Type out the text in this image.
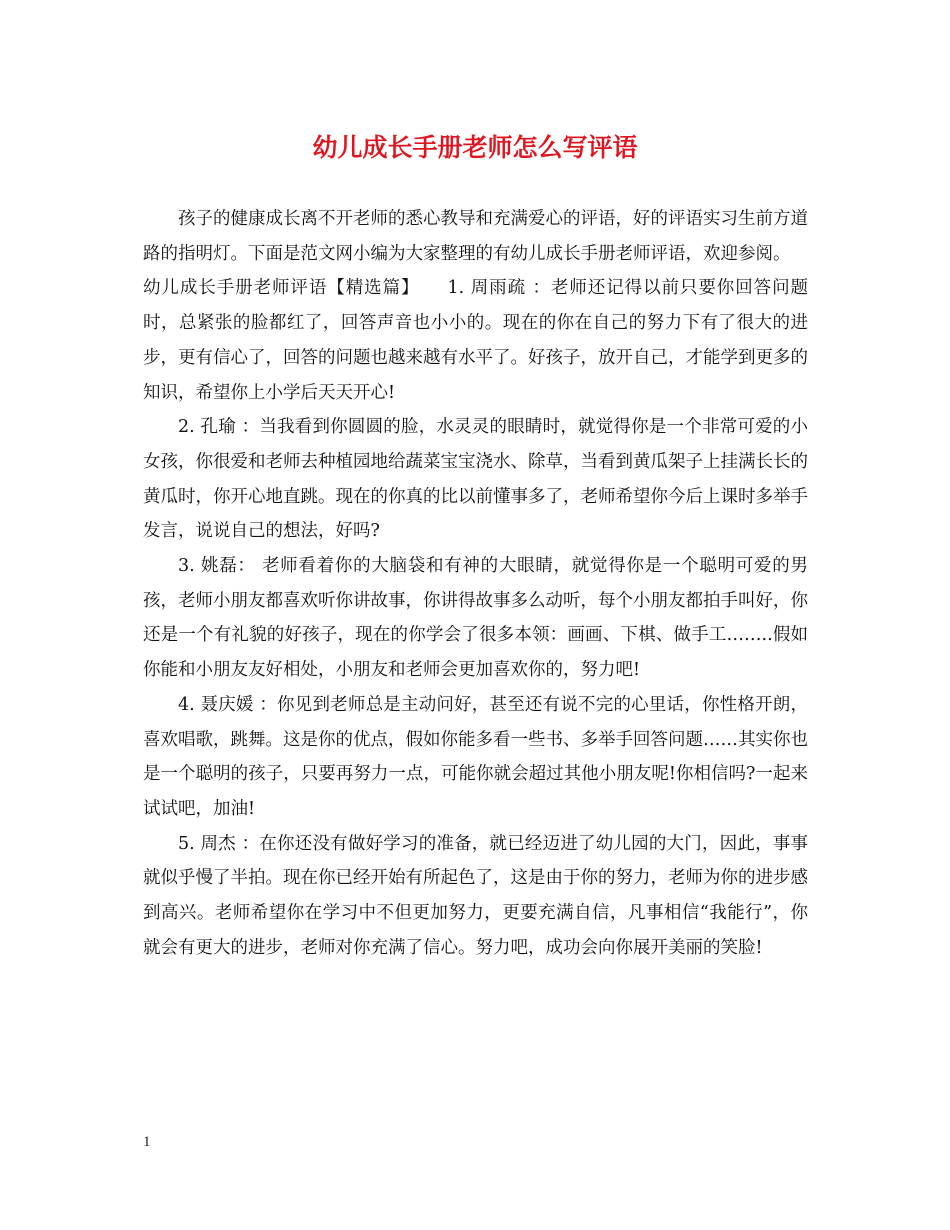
幼儿成长手册老师怎么写评语

孩子的健康成长离不开老师的悉心教导和充满爱心的评语，好的评语实习生前方道路的指明灯。下面是范文网小编为大家整理的有幼儿成长手册老师评语，欢迎参阅。

幼儿成长手册老师评语【精选篇】　　1. 周雨疏 ：老师还记得以前只要你回答问题时，总紧张的脸都红了，回答声音也小小的。现在的你在自己的努力下有了很大的进步，更有信心了，回答的问题也越来越有水平了。好孩子，放开自己，才能学到更多的知识，希望你上小学后天天开心!

2. 孔瑜 ：当我看到你圆圆的脸，水灵灵的眼睛时，就觉得你是一个非常可爱的小女孩，你很爱和老师去种植园地给蔬菜宝宝浇水、除草，当看到黄瓜架子上挂满长长的黄瓜时，你开心地直跳。现在的你真的比以前懂事多了，老师希望你今后上课时多举手发言，说说自己的想法，好吗?

3. 姚磊： 老师看着你的大脑袋和有神的大眼睛，就觉得你是一个聪明可爱的男孩，老师小朋友都喜欢听你讲故事，你讲得故事多么动听，每个小朋友都拍手叫好，你还是一个有礼貌的好孩子，现在的你学会了很多本领：画画、下棋、做手工……..假如你能和小朋友友好相处，小朋友和老师会更加喜欢你的，努力吧!

4. 聂庆媛 ：你见到老师总是主动问好，甚至还有说不完的心里话，你性格开朗，喜欢唱歌，跳舞。这是你的优点，假如你能多看一些书、多举手回答问题……其实你也是一个聪明的孩子，只要再努力一点，可能你就会超过其他小朋友呢!你相信吗?一起来试试吧，加油!

5. 周杰 ：在你还没有做好学习的准备，就已经迈进了幼儿园的大门，因此，事事就似乎慢了半拍。现在你已经开始有所起色了，这是由于你的努力，老师为你的进步感到高兴。老师希望你在学习中不但更加努力，更要充满自信，凡事相信“我能行”，你就会有更大的进步，老师对你充满了信心。努力吧，成功会向你展开美丽的笑脸!

1
